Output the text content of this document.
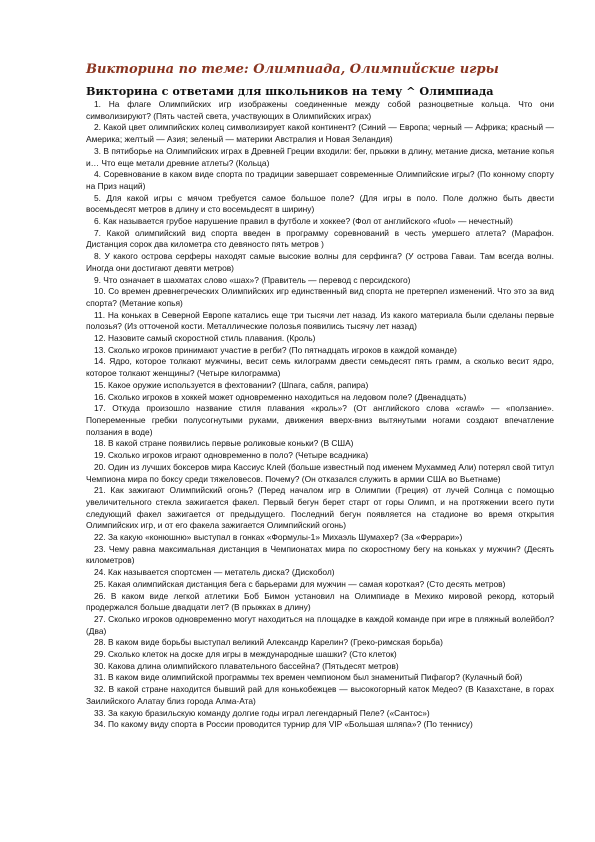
Викторина по теме: Олимпиада, Олимпийские игры
Викторина с ответами для школьников на тему ^ Олимпиада

1. На флаге Олимпийских игр изображены соединенные между собой разноцветные кольца. Что они символизируют? (Пять частей света, участвующих в Олимпийских играх)

2. Какой цвет олимпийских колец символизирует какой континент? (Синий — Европа; черный — Африка; красный — Америка; желтый — Азия; зеленый — материки Австралия и Новая Зеландия)

3. В пятиборье на Олимпийских играх в Древней Греции входили: бег, прыжки в длину, метание диска, метание копья и… Что еще метали древние атлеты? (Кольца)

4. Соревнование в каком виде спорта по традиции завершает современные Олимпийские игры? (По конному спорту на Приз наций)

5. Для какой игры с мячом требуется самое большое поле? (Для игры в поло. Поле должно быть двести восемьдесят метров в длину и сто восемьдесят в ширину)

6. Как называется грубое нарушение правил в футболе и хоккее? (Фол от английского «fuol» — нечестный)

7. Какой олимпийский вид спорта введен в программу соревнований в честь умершего атлета? (Марафон. Дистанция сорок два километра сто девяносто пять метров )

8. У какого острова серферы находят самые высокие волны для серфинга? (У острова Гаваи. Там всегда волны. Иногда они достигают девяти метров)

9. Что означает в шахматах слово «шах»? (Правитель — перевод с персидского)

10. Со времен древнегреческих Олимпийских игр единственный вид спорта не претерпел изменений. Что это за вид спорта? (Метание копья)

11. На коньках в Северной Европе катались еще три тысячи лет назад. Из какого материала были сделаны первые полозья? (Из отточеной кости. Металлические полозья появились тысячу лет назад)

12. Назовите самый скоростной стиль плавания. (Кроль)

13. Сколько игроков принимают участие в регби? (По пятнадцать игроков в каждой команде)

14. Ядро, которое толкают мужчины, весит семь килограмм двести семьдесят пять грамм, а сколько весит ядро, которое толкают женщины? (Четыре килограмма)

15. Какое оружие используется в фехтовании? (Шпага, сабля, рапира)

16. Сколько игроков в хоккей может одновременно находиться на ледовом поле? (Двенадцать)

17. Откуда произошло название стиля плавания «кроль»? (От английского слова «crawl» — «ползание». Попеременные гребки полусогнутыми руками, движения вверх-вниз вытянутыми ногами создают впечатление ползания в воде)

18. В какой стране появились первые роликовые коньки? (В США)

19. Сколько игроков играют одновременно в поло? (Четыре всадника)

20. Один из лучших боксеров мира Кассиус Клей (больше известный под именем Мухаммед Али) потерял свой титул Чемпиона мира по боксу среди тяжеловесов. Почему? (Он отказался служить в армии США во Вьетнаме)

21. Как зажигают Олимпийский огонь? (Перед началом игр в Олимпии (Греция) от лучей Солнца с помощью увеличительного стекла зажигается факел. Первый бегун берет старт от горы Олимп, и на протяжении всего пути следующий факел зажигается от предыдущего. Последний бегун появляется на стадионе во время открытия Олимпийских игр, и от его факела зажигается Олимпийский огонь)

22. За какую «конюшню» выступал в гонках «Формулы-1» Михаэль Шумахер? (За «Феррари»)

23. Чему равна максимальная дистанция в Чемпионатах мира по скоростному бегу на коньках у мужчин? (Десять километров)

24. Как называется спортсмен — метатель диска? (Дискобол)

25. Какая олимпийская дистанция бега с барьерами для мужчин — самая короткая? (Сто десять метров)

26. В каком виде легкой атлетики Боб Бимон установил на Олимпиаде в Мехико мировой рекорд, который продержался больше двадцати лет? (В прыжках в длину)

27. Сколько игроков одновременно могут находиться на площадке в каждой команде при игре в пляжный волейбол? (Два)

28. В каком виде борьбы выступал великий Александр Карелин? (Греко-римская борьба)

29. Сколько клеток на доске для игры в международные шашки? (Сто клеток)

30. Какова длина олимпийского плавательного бассейна? (Пятьдесят метров)

31. В каком виде олимпийской программы тех времен чемпионом был знаменитый Пифагор? (Кулачный бой)

32. В какой стране находится бывший рай для конькобежцев — высокогорный каток Медео? (В Казахстане, в горах Заилийского Алатау близ города Алма-Ата)

33. За какую бразильскую команду долгие годы играл легендарный Пеле? («Сантос»)

34. По какому виду спорта в России проводится турнир для VIP «Большая шляпа»? (По теннису)
